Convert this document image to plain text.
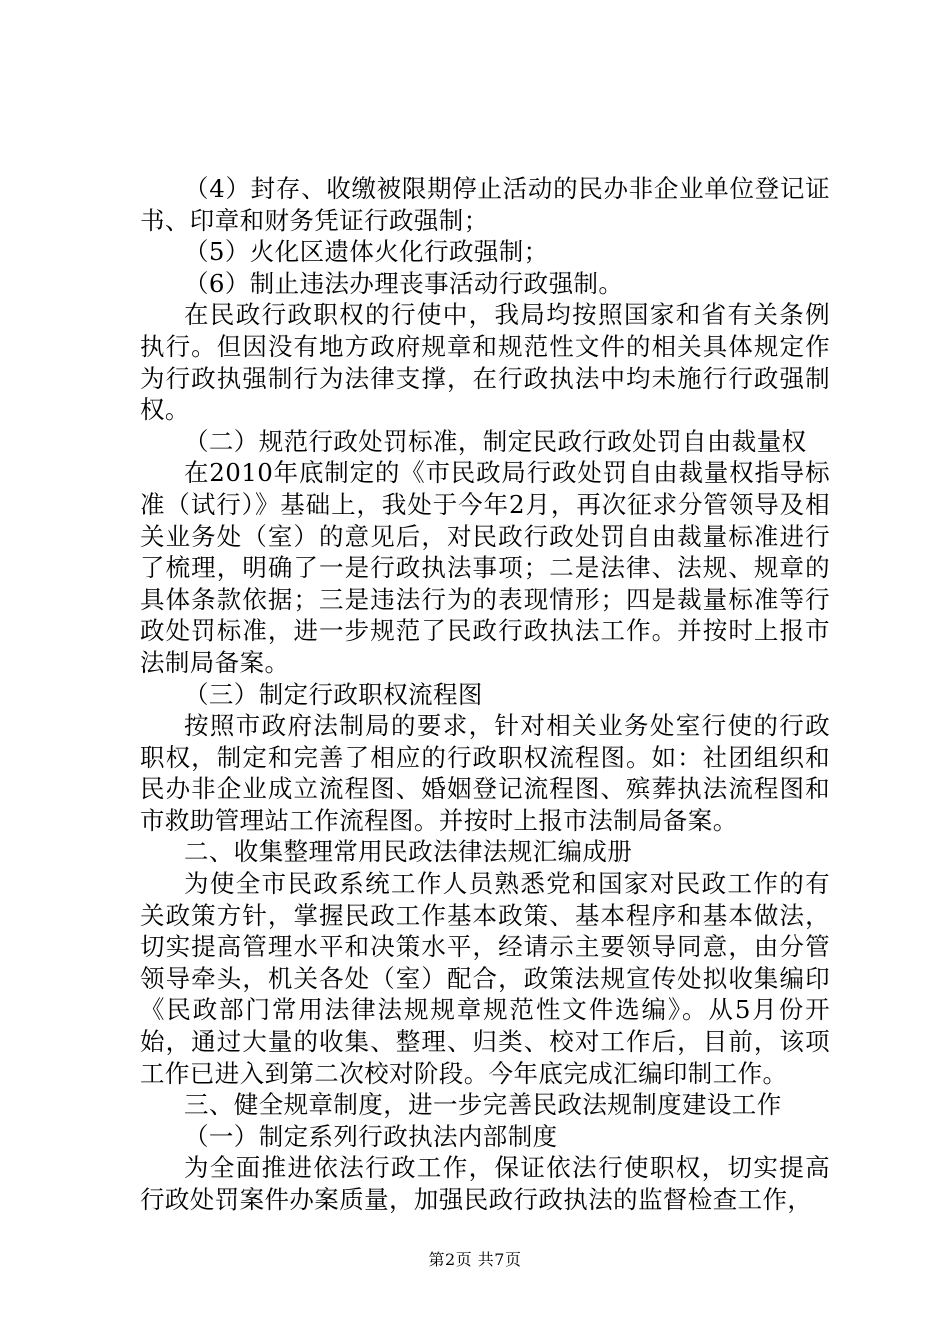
（4）封存、收缴被限期停止活动的民办非企业单位登记证书、印章和财务凭证行政强制；

（5）火化区遗体火化行政强制；

（6）制止违法办理丧事活动行政强制。

在民政行政职权的行使中，我局均按照国家和省有关条例执行。但因没有地方政府规章和规范性文件的相关具体规定作为行政执强制行为法律支撑，在行政执法中均未施行行政强制权。

（二）规范行政处罚标准，制定民政行政处罚自由裁量权

在2010年底制定的《市民政局行政处罚自由裁量权指导标准（试行）》基础上，我处于今年2月，再次征求分管领导及相关业务处（室）的意见后，对民政行政处罚自由裁量标准进行了梳理，明确了一是行政执法事项；二是法律、法规、规章的具体条款依据；三是违法行为的表现情形；四是裁量标准等行政处罚标准，进一步规范了民政行政执法工作。并按时上报市法制局备案。

（三）制定行政职权流程图

按照市政府法制局的要求，针对相关业务处室行使的行政职权，制定和完善了相应的行政职权流程图。如：社团组织和民办非企业成立流程图、婚姻登记流程图、殡葬执法流程图和市救助管理站工作流程图。并按时上报市法制局备案。

二、收集整理常用民政法律法规汇编成册

为使全市民政系统工作人员熟悉党和国家对民政工作的有关政策方针，掌握民政工作基本政策、基本程序和基本做法，切实提高管理水平和决策水平，经请示主要领导同意，由分管领导牵头，机关各处（室）配合，政策法规宣传处拟收集编印《民政部门常用法律法规规章规范性文件选编》。从5月份开始，通过大量的收集、整理、归类、校对工作后，目前，该项工作已进入到第二次校对阶段。今年底完成汇编印制工作。

三、健全规章制度，进一步完善民政法规制度建设工作

（一）制定系列行政执法内部制度

为全面推进依法行政工作，保证依法行使职权，切实提高行政处罚案件办案质量，加强民政行政执法的监督检查工作，

第2页 共7页
